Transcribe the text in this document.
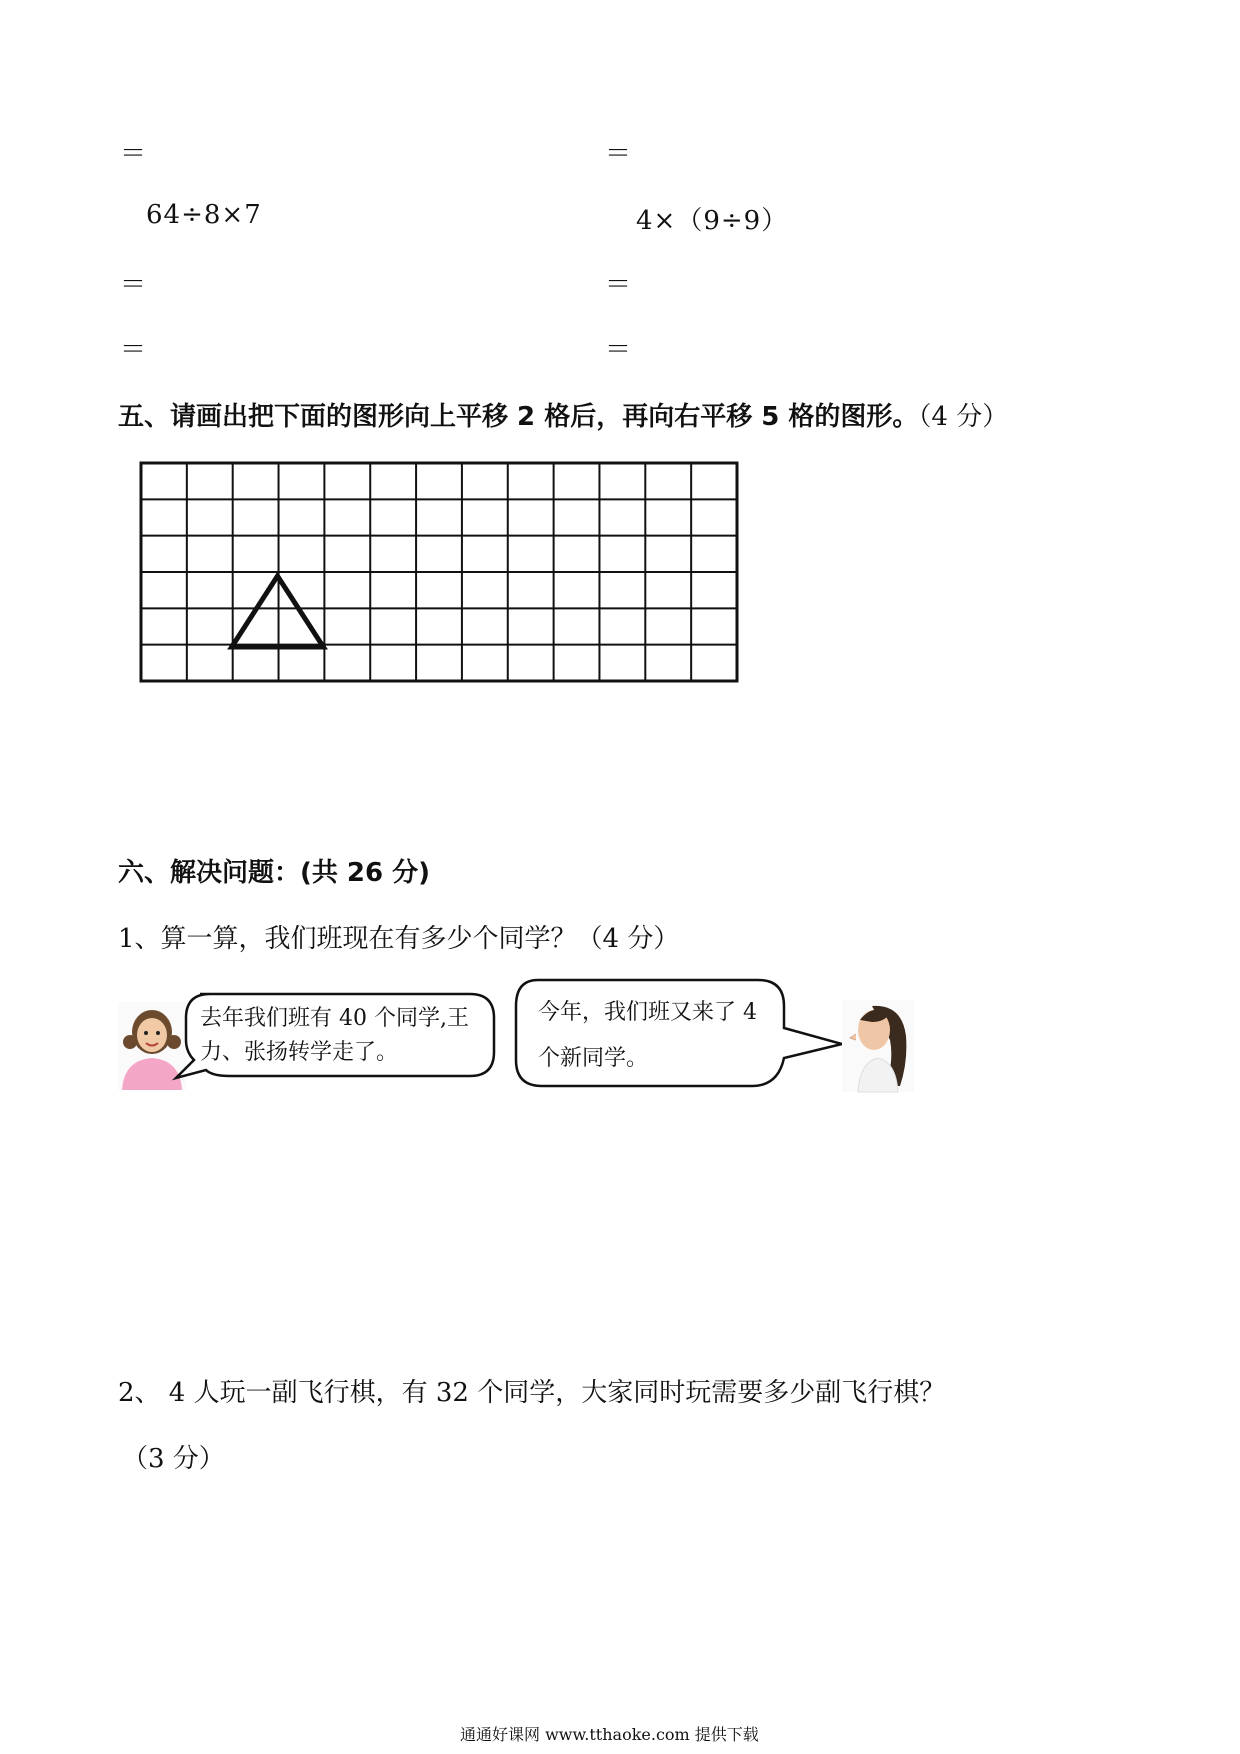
＝	＝
64÷8×7	4×（9÷9）
＝	＝
＝	＝
五、请画出把下面的图形向上平移 2 格后，再向右平移 5 格的图形。（4 分）
六、解决问题：(共 26 分)
1、算一算，我们班现在有多少个同学？（4 分）
去年我们班有 40 个同学,王力、张扬转学走了。
今年，我们班又来了 4 个新同学。
2、 4 人玩一副飞行棋，有 32 个同学，大家同时玩需要多少副飞行棋？
（3 分）
通通好课网 www.tthaoke.com 提供下载
